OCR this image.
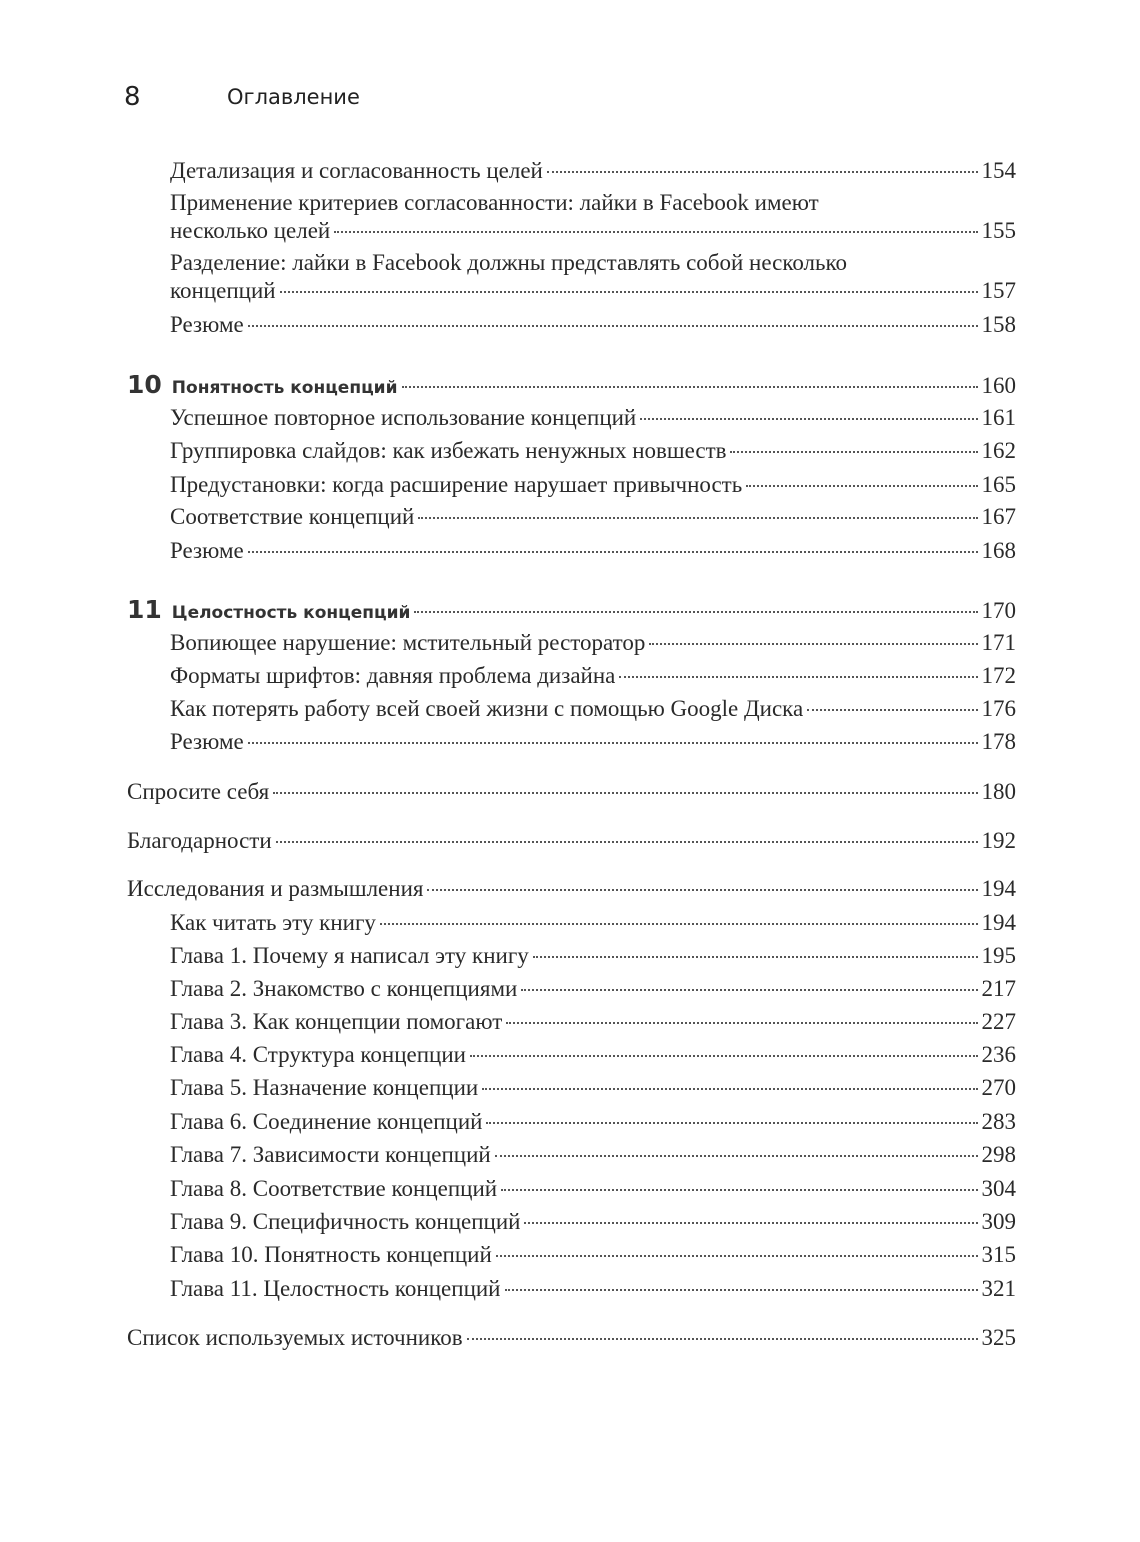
8	Оглавление
Детализация и согласованность целей	154
Применение критериев согласованности: лайки в Facebook имеют
несколько целей	155
Разделение: лайки в Facebook должны представлять собой несколько
концепций	157
Резюме	158
10 Понятность концепций	160
Успешное повторное использование концепций	161
Группировка слайдов: как избежать ненужных новшеств	162
Предустановки: когда расширение нарушает привычность	165
Соответствие концепций	167
Резюме	168
11 Целостность концепций	170
Вопиющее нарушение: мстительный ресторатор	171
Форматы шрифтов: давняя проблема дизайна	172
Как потерять работу всей своей жизни с помощью Google Диска	176
Резюме	178
Спросите себя	180
Благодарности	192
Исследования и размышления	194
Как читать эту книгу	194
Глава 1. Почему я написал эту книгу	195
Глава 2. Знакомство с концепциями	217
Глава 3. Как концепции помогают	227
Глава 4. Структура концепции	236
Глава 5. Назначение концепции	270
Глава 6. Соединение концепций	283
Глава 7. Зависимости концепций	298
Глава 8. Соответствие концепций	304
Глава 9. Специфичность концепций	309
Глава 10. Понятность концепций	315
Глава 11. Целостность концепций	321
Список используемых источников	325
